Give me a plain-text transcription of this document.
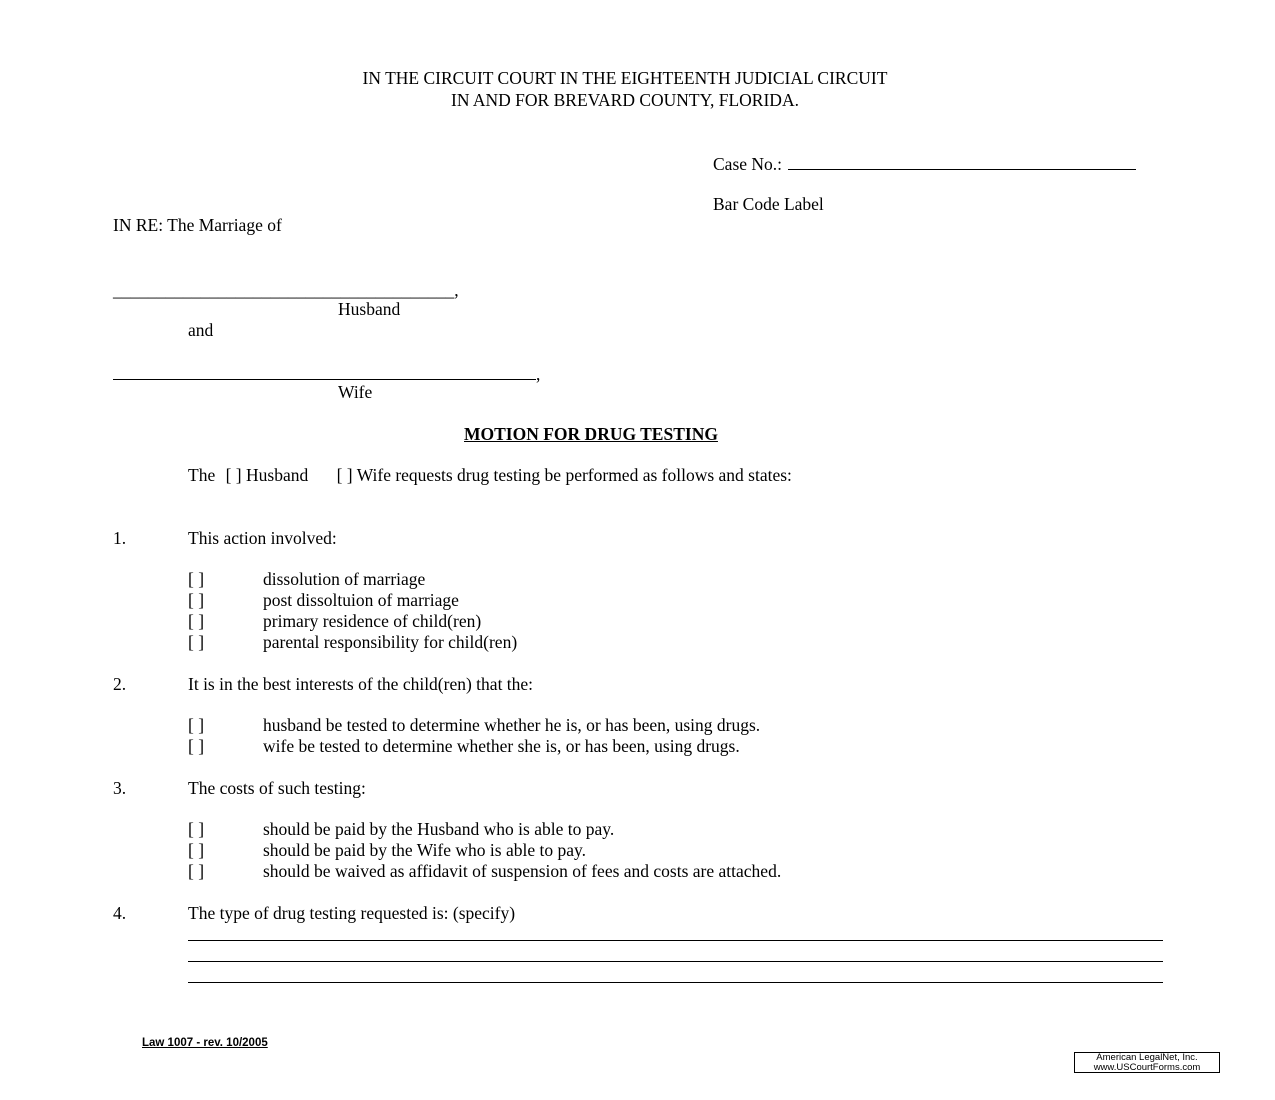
IN THE CIRCUIT COURT IN THE EIGHTEENTH JUDICIAL CIRCUIT
IN AND FOR BREVARD COUNTY, FLORIDA.
Case No.:
Bar Code Label
IN RE: The Marriage of
_______________________________________,
Husband
and
,
Wife
MOTION FOR DRUG TESTING
The [ ] Husband [ ] Wife requests drug testing be performed as follows and states:
1.	This action involved:
[ ]	dissolution of marriage
[ ]	post dissoltuion of marriage
[ ]	primary residence of child(ren)
[ ]	parental responsibility for child(ren)
2.	It is in the best interests of the child(ren) that the:
[ ]	husband be tested to determine whether he is, or has been, using drugs.
[ ]	wife be tested to determine whether she is, or has been, using drugs.
3.	The costs of such testing:
[ ]	should be paid by the Husband who is able to pay.
[ ]	should be paid by the Wife who is able to pay.
[ ]	should be waived as affidavit of suspension of fees and costs are attached.
4.	The type of drug testing requested is: (specify)
Law 1007 - rev. 10/2005
American LegalNet, Inc.
www.USCourtForms.com
